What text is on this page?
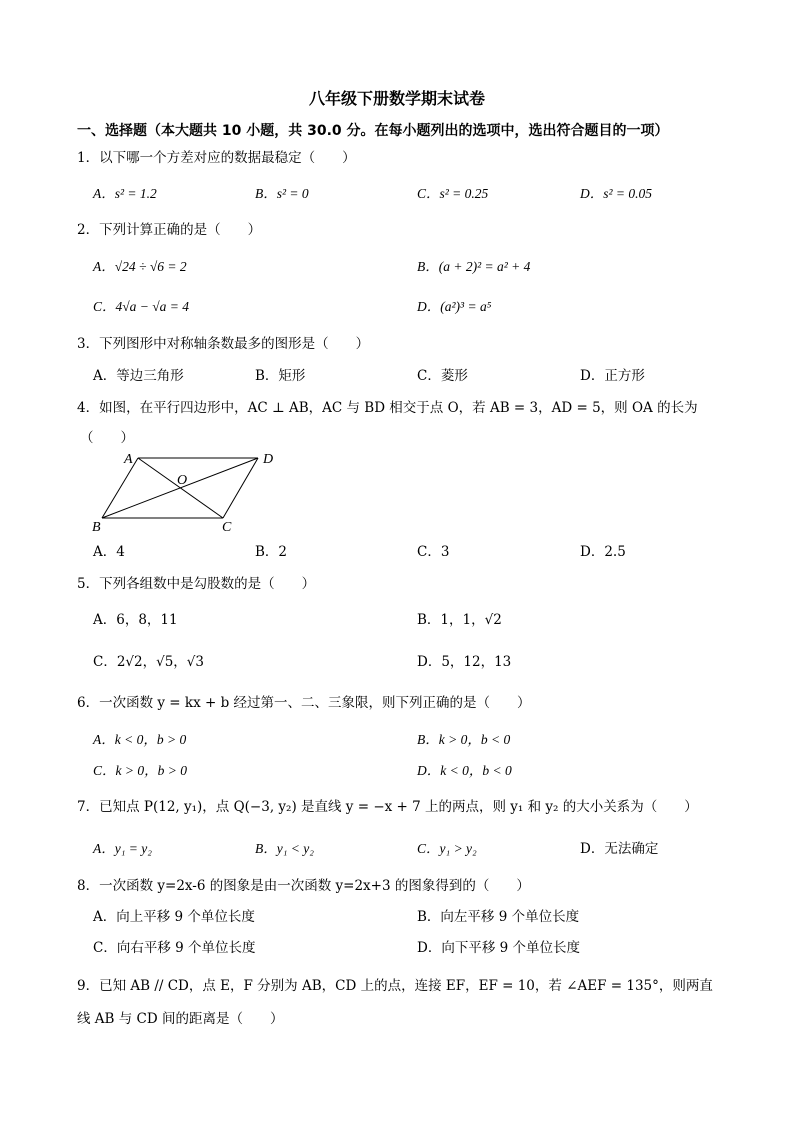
八年级下册数学期末试卷
一、选择题（本大题共 10 小题，共 30.0 分。在每小题列出的选项中，选出符合题目的一项）
1．以下哪一个方差对应的数据最稳定（　　）
A．s² = 1.2	B．s² = 0	C．s² = 0.25	D．s² = 0.05
2．下列计算正确的是（　　）
A．√24 ÷ √6 = 2	B．(a + 2)² = a² + 4
C．4√a − √a = 4	D．(a²)³ = a⁵
3．下列图形中对称轴条数最多的图形是（　　）
A．等边三角形	B．矩形	C．菱形	D．正方形
4．如图，在平行四边形中，AC ⊥ AB，AC 与 BD 相交于点 O，若 AB = 3，AD = 5，则 OA 的长为
（　　）
A	D
O
B	C
A．4	B．2	C．3	D．2.5
5．下列各组数中是勾股数的是（　　）
A．6，8，11	B．1，1，√2
C．2√2，√5，√3	D．5，12，13
6．一次函数 y = kx + b 经过第一、二、三象限，则下列正确的是（　　）
A．k < 0，b > 0	B．k > 0，b < 0
C．k > 0，b > 0	D．k < 0，b < 0
7．已知点 P(12, y₁)，点 Q(−3, y₂) 是直线 y = −x + 7 上的两点，则 y₁ 和 y₂ 的大小关系为（　　）
A．y₁ = y₂	B．y₁ < y₂	C．y₁ > y₂	D．无法确定
8．一次函数 y=2x-6 的图象是由一次函数 y=2x+3 的图象得到的（　　）
A．向上平移 9 个单位长度	B．向左平移 9 个单位长度
C．向右平移 9 个单位长度	D．向下平移 9 个单位长度
9．已知 AB // CD，点 E，F 分别为 AB，CD 上的点，连接 EF，EF = 10，若 ∠AEF = 135°，则两直
线 AB 与 CD 间的距离是（　　）
